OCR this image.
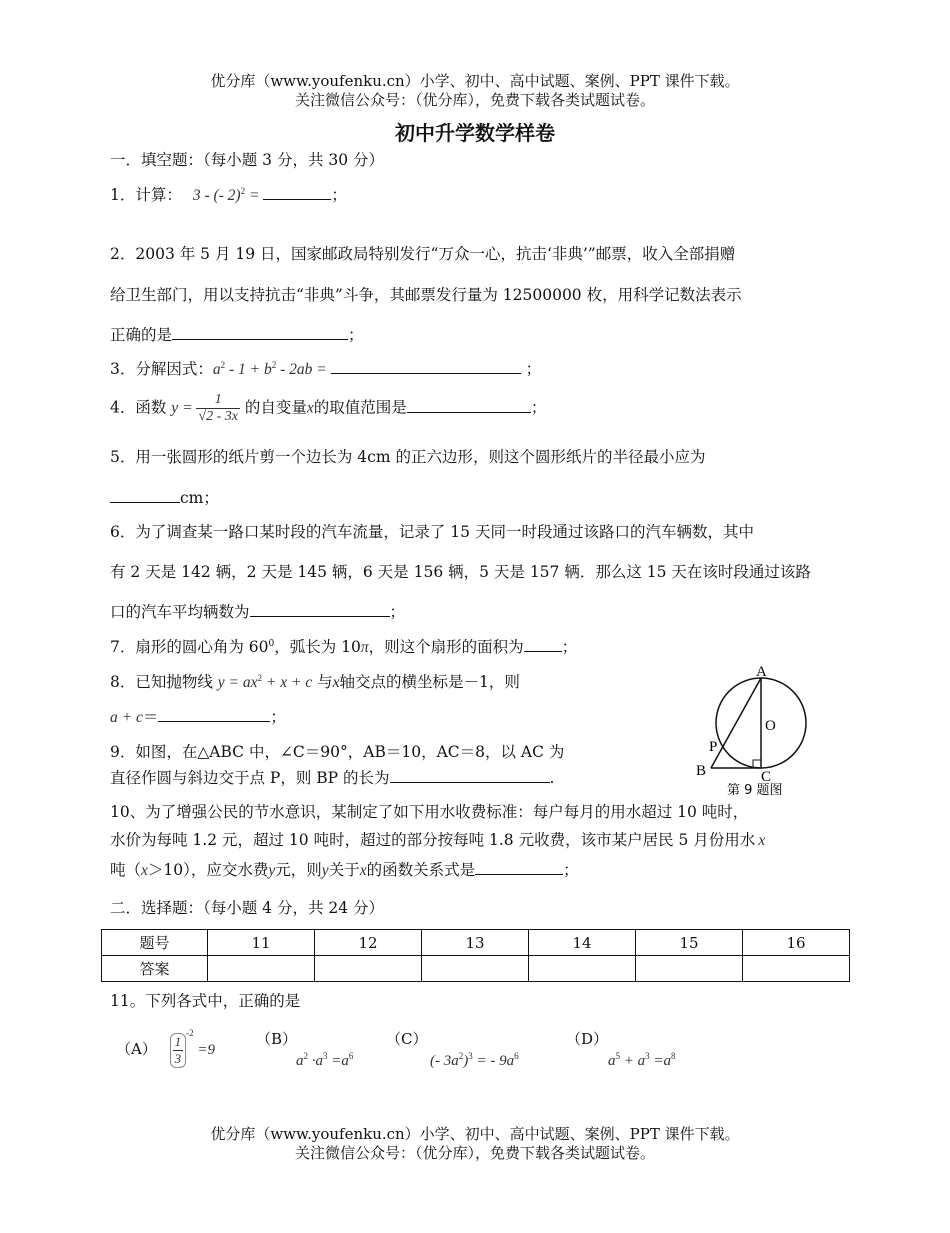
优分库（www.youfenku.cn）小学、初中、高中试题、案例、PPT 课件下载。
关注微信公众号：（优分库），免费下载各类试题试卷。
初中升学数学样卷
一．填空题：（每小题 3 分，共 30 分）
1．计算： 3 - (- 2)$^2$ =	；
2．2003 年 5 月 19 日，国家邮政局特别发行“万众一心，抗击‘非典’”邮票，收入全部捐赠
给卫生部门，用以支持抗击“非典”斗争，其邮票发行量为 12500000 枚，用科学记数法表示
正确的是	；
3．分解因式：$a^2 - 1 + b^2 - 2ab$ =	；
4．函数 $y = \frac{1}{√2 - 3x}$ 的自变量x的取值范围是	；
5．用一张圆形的纸片剪一个边长为 4cm 的正六边形，则这个圆形纸片的半径最小应为
cm；
6．为了调查某一路口某时段的汽车流量，记录了 15 天同一时段通过该路口的汽车辆数，其中
有 2 天是 142 辆，2 天是 145 辆，6 天是 156 辆，5 天是 157 辆．那么这 15 天在该时段通过该路
口的汽车平均辆数为	；
7．扇形的圆心角为 $60^0$，弧长为 10π，则这个扇形的面积为 ；
8．已知抛物线 $y = ax^2 + x + c$ 与x轴交点的横坐标是－1，则
a + c＝	；
9．如图，在△ABC 中，∠C＝90°，AB＝10，AC＝8，以 AC 为
直径作圆与斜边交于点 P，则 BP 的长为	.
A
O
P
B	C
第 9 题图
10、为了增强公民的节水意识，某制定了如下用水收费标准：每户每月的用水超过 10 吨时，
水价为每吨 1.2 元，超过 10 吨时，超过的部分按每吨 1.8 元收费，该市某户居民 5 月份用水 x
吨（x＞10），应交水费y元，则y关于x的函数关系式是	；
二．选择题：（每小题 4 分，共 24 分）
题号	11	12	13	14	15	16
答案						
11。下列各式中，正确的是
$(A) \frac{1}{3}$
$^{-2}$ =9
（B）
$a^2 \cdot a^3 =a^6$
（C）
(- $3a^2)^3$ = - $9a^6$
（D）
$a^5 + a^3 =a^8$
优分库（www.youfenku.cn）小学、初中、高中试题、案例、PPT 课件下载。
关注微信公众号：（优分库），免费下载各类试题试卷。
